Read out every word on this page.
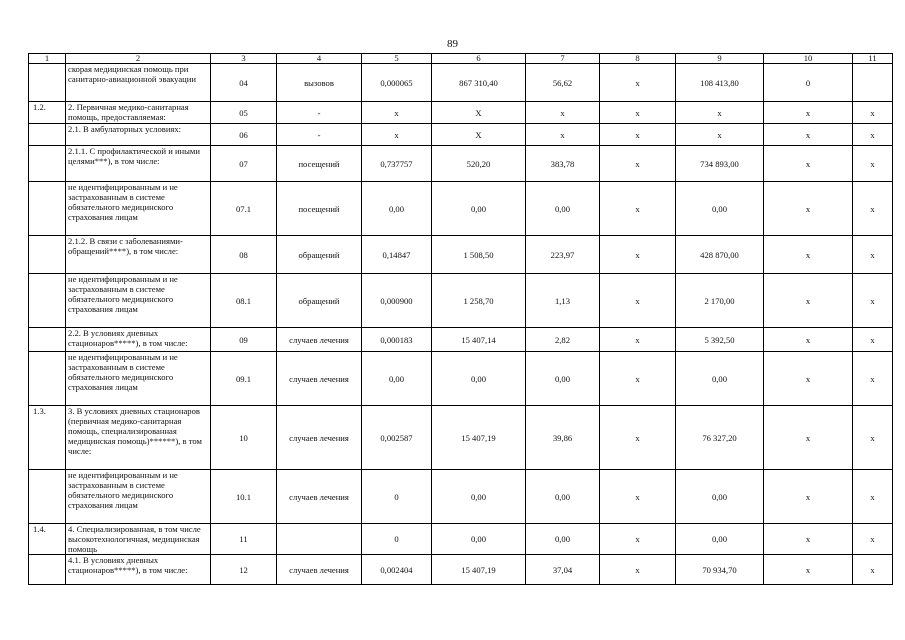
89
1	2	3	4	5	6	7	8	9	10	11
	скорая медицинская помощь при санитарно-авиационной эвакуации	04	вызовов	0,000065	867 310,40	56,62	x	108 413,80	0	
1.2.	2. Первичная медико-санитарная помощь, предоставляемая:	05	-	x	X	x	x	x	x	x
	2.1. В амбулаторных условиях:	06	-	x	X	x	x	x	x	x
	2.1.1. С профилактической и иными целями***), в том числе:	07	посещений	0,737757	520,20	383,78	x	734 893,00	x	x
	не идентифицированным и не застрахованным в системе обязательного медицинского страхования лицам	07.1	посещений	0,00	0,00	0,00	x	0,00	x	x
	2.1.2. В связи с заболеваниями-обращений****), в том числе:	08	обращений	0,14847	1 508,50	223,97	x	428 870,00	x	x
	не идентифицированным и не застрахованным в системе обязательного медицинского страхования лицам	08.1	обращений	0,000900	1 258,70	1,13	x	2 170,00	x	x
	2.2. В условиях дневных стационаров*****), в том числе:	09	случаев лечения	0,000183	15 407,14	2,82	x	5 392,50	x	x
	не идентифицированным и не застрахованным в системе обязательного медицинского страхования лицам	09.1	случаев лечения	0,00	0,00	0,00	x	0,00	x	x
1.3.	3. В условиях дневных стационаров (первичная медико-санитарная помощь, специализированная медицинская помощь)******), в том числе:	10	случаев лечения	0,002587	15 407,19	39,86	x	76 327,20	x	x
	не идентифицированным и не застрахованным в системе обязательного медицинского страхования лицам	10.1	случаев лечения	0	0,00	0,00	x	0,00	x	x
1.4.	4. Специализированная, в том числе высокотехнологичная, медицинская помощь	11		0	0,00	0,00	x	0,00	x	x
	4.1. В условиях дневных стационаров*****), в том числе:	12	случаев лечения	0,002404	15 407,19	37,04	x	70 934,70	x	x
